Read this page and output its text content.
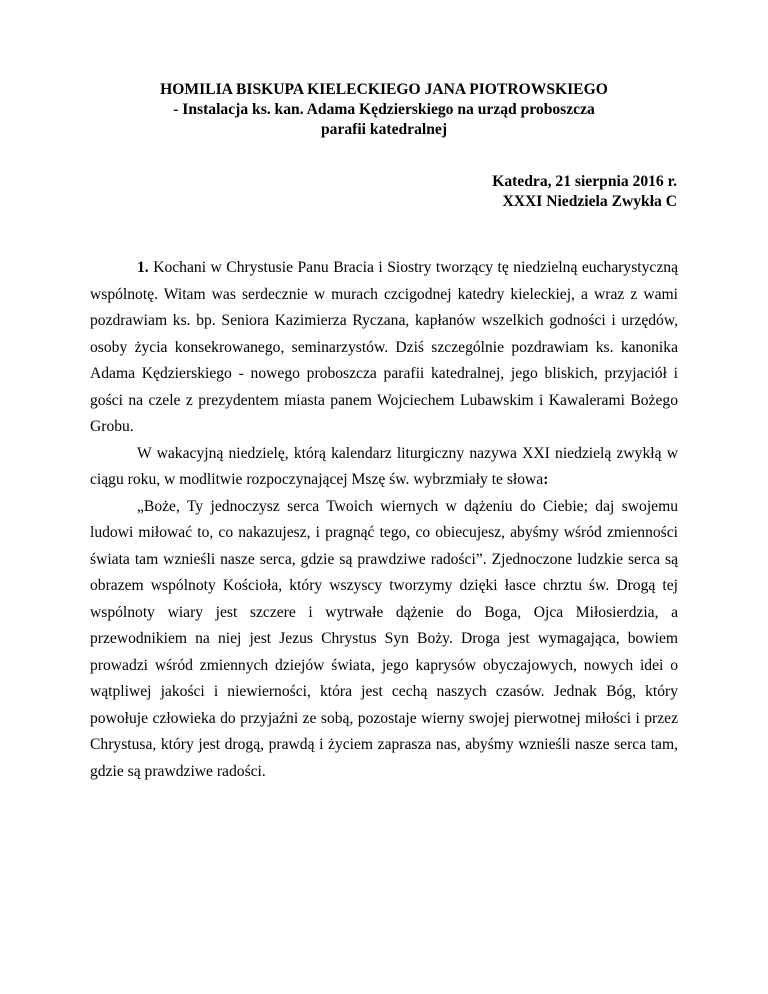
HOMILIA BISKUPA KIELECKIEGO JANA PIOTROWSKIEGO
- Instalacja ks. kan. Adama Kędzierskiego na urząd proboszcza
parafii katedralnej
Katedra, 21 sierpnia 2016 r.
XXXI Niedziela Zwykła C

1. Kochani w Chrystusie Panu Bracia i Siostry tworzący tę niedzielną eucharystyczną wspólnotę. Witam was serdecznie w murach czcigodnej katedry kieleckiej, a wraz z wami pozdrawiam ks. bp. Seniora Kazimierza Ryczana, kapłanów wszelkich godności i urzędów, osoby życia konsekrowanego, seminarzystów. Dziś szczególnie pozdrawiam ks. kanonika Adama Kędzierskiego - nowego proboszcza parafii katedralnej, jego bliskich, przyjaciół i gości na czele z prezydentem miasta panem Wojciechem Lubawskim i Kawalerami Bożego Grobu.

W wakacyjną niedzielę, którą kalendarz liturgiczny nazywa XXI niedzielą zwykłą w ciągu roku, w modlitwie rozpoczynającej Mszę św. wybrzmiały te słowa:

„Boże, Ty jednoczysz serca Twoich wiernych w dążeniu do Ciebie; daj swojemu ludowi miłować to, co nakazujesz, i pragnąć tego, co obiecujesz, abyśmy wśród zmienności świata tam wznieśli nasze serca, gdzie są prawdziwe radości”. Zjednoczone ludzkie serca są obrazem wspólnoty Kościoła, który wszyscy tworzymy dzięki łasce chrztu św. Drogą tej wspólnoty wiary jest szczere i wytrwałe dążenie do Boga, Ojca Miłosierdzia, a przewodnikiem na niej jest Jezus Chrystus Syn Boży. Droga jest wymagająca, bowiem prowadzi wśród zmiennych dziejów świata, jego kaprysów obyczajowych, nowych idei o wątpliwej jakości i niewierności, która jest cechą naszych czasów. Jednak Bóg, który powołuje człowieka do przyjaźni ze sobą, pozostaje wierny swojej pierwotnej miłości i przez Chrystusa, który jest drogą, prawdą i życiem zaprasza nas, abyśmy wznieśli nasze serca tam, gdzie są prawdziwe radości.
